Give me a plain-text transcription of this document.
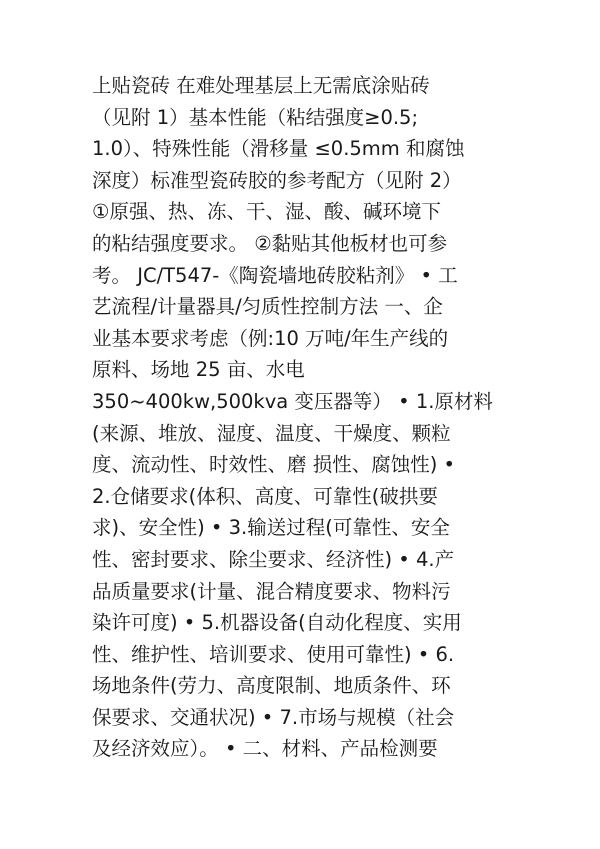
上贴瓷砖 在难处理基层上无需底涂贴砖
（见附 1）基本性能（粘结强度≥0.5;
1.0）、特殊性能（滑移量 ≤0.5mm 和腐蚀
深度）标准型瓷砖胶的参考配方（见附 2）
①原强、热、冻、干、湿、酸、碱环境下
的粘结强度要求。 ②黏贴其他板材也可参
考。 JC/T547-《陶瓷墙地砖胶粘剂》 • 工
艺流程/计量器具/匀质性控制方法 一、企
业基本要求考虑（例:10 万吨/年生产线的
原料、场地 25 亩、水电
350~400kw,500kva 变压器等） • 1.原材料
(来源、堆放、湿度、温度、干燥度、颗粒
度、流动性、时效性、磨 损性、腐蚀性) •
2.仓储要求(体积、高度、可靠性(破拱要
求)、安全性) • 3.输送过程(可靠性、安全
性、密封要求、除尘要求、经济性) • 4.产
品质量要求(计量、混合精度要求、物料污
染许可度) • 5.机器设备(自动化程度、实用
性、维护性、培训要求、使用可靠性) • 6.
场地条件(劳力、高度限制、地质条件、环
保要求、交通状况) • 7.市场与规模（社会
及经济效应）。 • 二、材料、产品检测要
